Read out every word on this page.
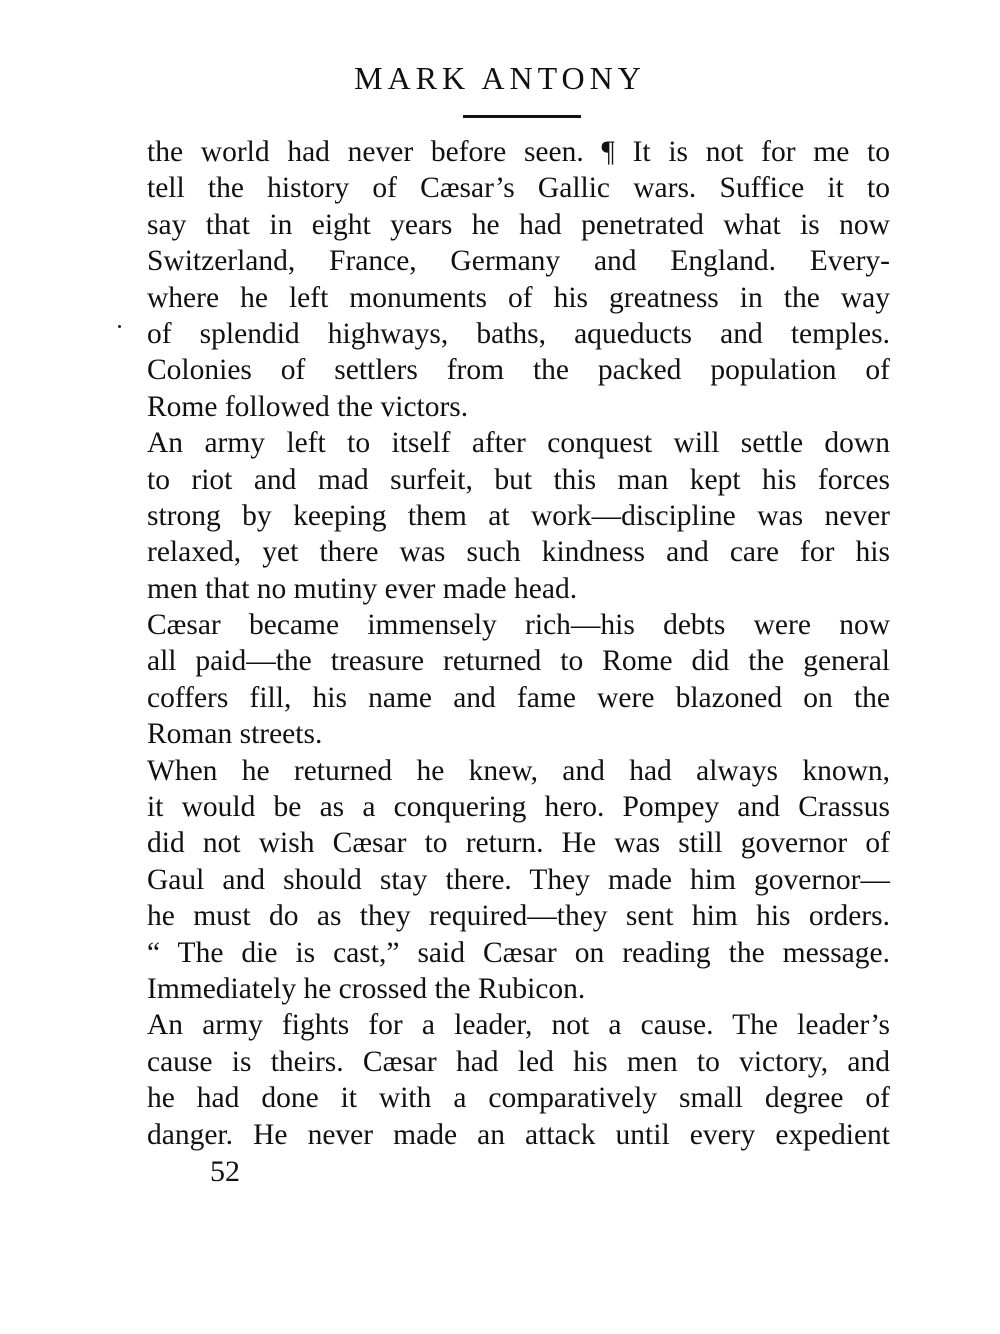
MARK ANTONY
the world had never before seen. ¶ It is not for me to
tell the history of Cæsar’s Gallic wars. Suffice it to
say that in eight years he had penetrated what is now
Switzerland, France, Germany and England. Every-
where he left monuments of his greatness in the way
of splendid highways, baths, aqueducts and temples.
Colonies of settlers from the packed population of
Rome followed the victors.
An army left to itself after conquest will settle down
to riot and mad surfeit, but this man kept his forces
strong by keeping them at work—discipline was never
relaxed, yet there was such kindness and care for his
men that no mutiny ever made head.
Cæsar became immensely rich—his debts were now
all paid—the treasure returned to Rome did the general
coffers fill, his name and fame were blazoned on the
Roman streets.
When he returned he knew, and had always known,
it would be as a conquering hero. Pompey and Crassus
did not wish Cæsar to return. He was still governor of
Gaul and should stay there. They made him governor—
he must do as they required—they sent him his orders.
“ The die is cast,” said Cæsar on reading the message.
Immediately he crossed the Rubicon.
An army fights for a leader, not a cause. The leader’s
cause is theirs. Cæsar had led his men to victory, and
he had done it with a comparatively small degree of
danger. He never made an attack until every expedient
52
